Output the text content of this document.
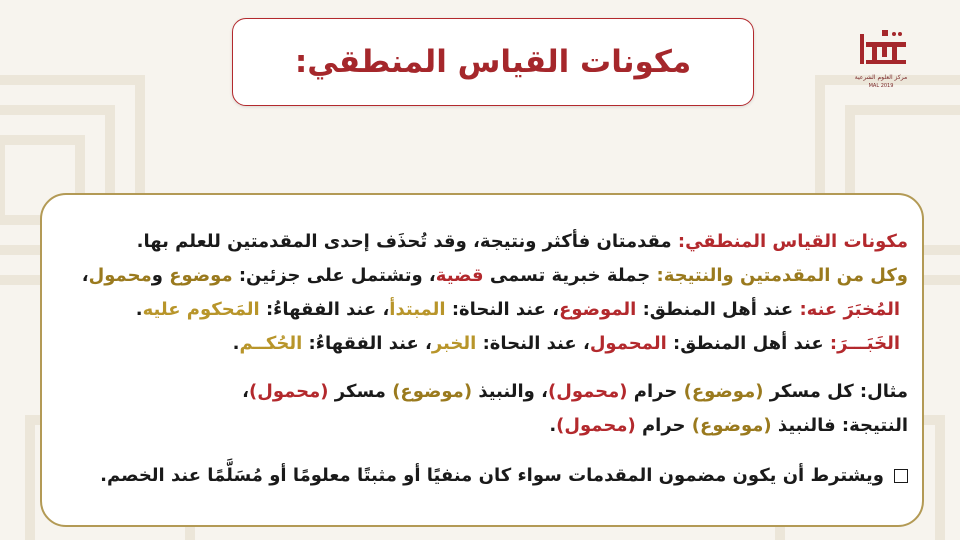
مكونات القياس المنطقي:	مركز العلوم الشرعية
MAL 2019
مكونات القياس المنطقي: مقدمتان فأكثر ونتيجة، وقد تُحذَف إحدى المقدمتين للعلم بها.
وكل من المقدمتين والنتيجة: جملة خبرية تسمى قضية، وتشتمل على جزئين: موضوع ومحمول،
المُخبَرَ عنه: عند أهل المنطق: الموضوع، عند النحاة: المبتدأ، عند الفقهاءُ: المَحكوم عليه.
الخَبَـــرَ: عند أهل المنطق: المحمول، عند النحاة: الخبر، عند الفقهاءُ: الحُكــم.
مثال: كل مسكر (موضوع) حرام (محمول)، والنبيذ (موضوع) مسكر (محمول)،
النتيجة: فالنبيذ (موضوع) حرام (محمول).
ويشترط أن يكون مضمون المقدمات سواء كان منفيًا أو مثبتًا معلومًا أو مُسَلَّمًا عند الخصم.
